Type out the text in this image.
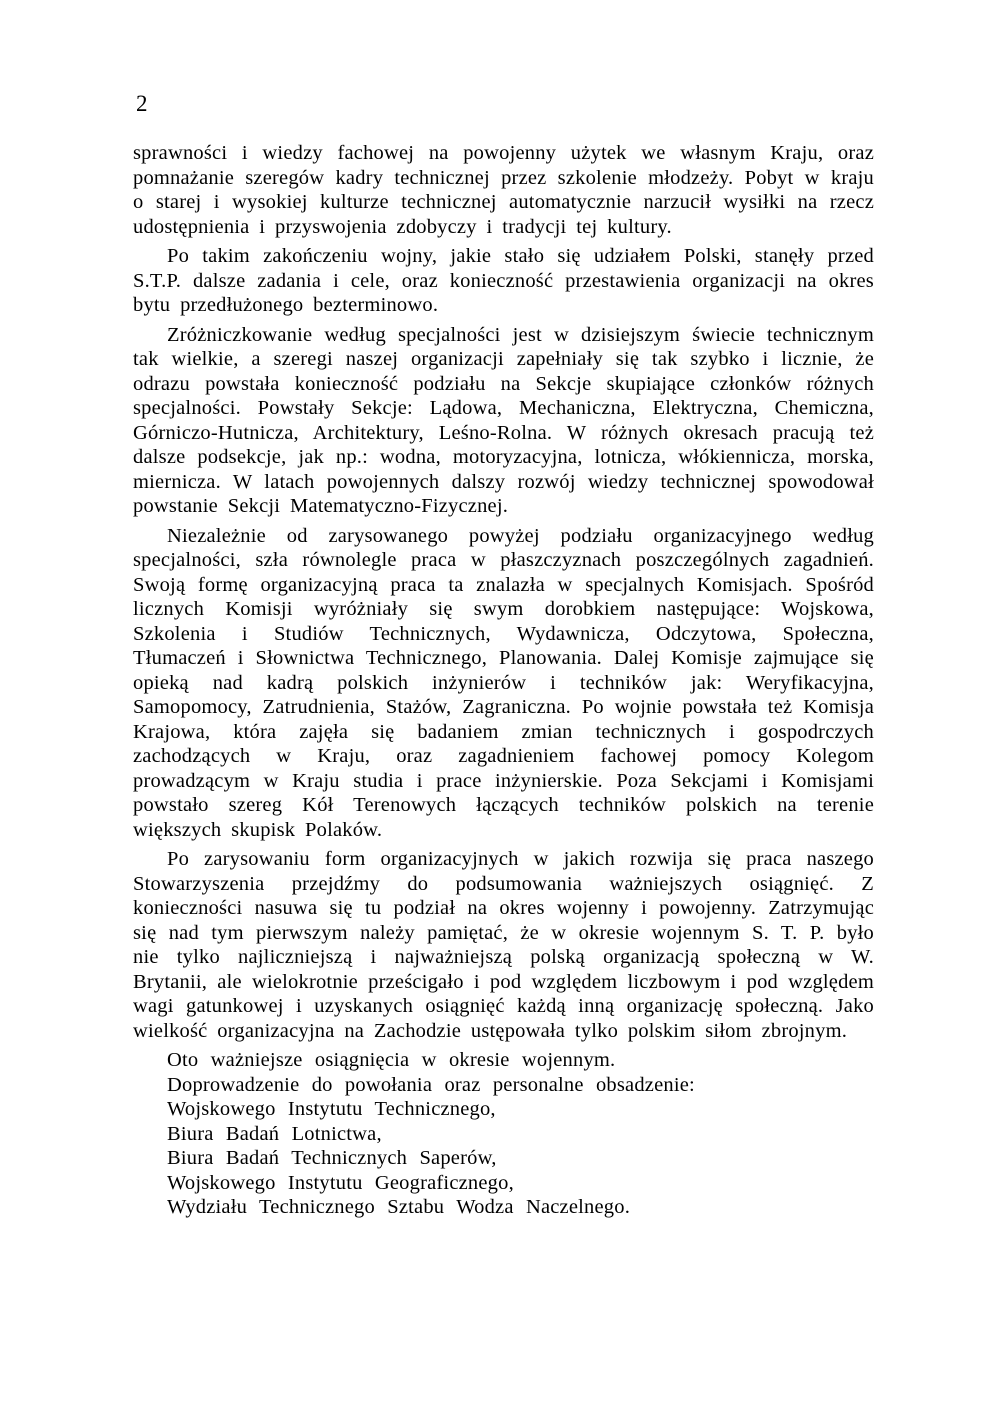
2

sprawności i wiedzy fachowej na powojenny użytek we własnym Kraju, oraz pomnażanie szeregów kadry technicznej przez szkolenie młodzeży. Pobyt w kraju o starej i wysokiej kulturze technicznej automatycznie narzucił wysiłki na rzecz udostępnienia i przyswojenia zdobyczy i tradycji tej kultury.

Po takim zakończeniu wojny, jakie stało się udziałem Polski, stanęły przed S.T.P. dalsze zadania i cele, oraz konieczność przestawienia organizacji na okres bytu przedłużonego bezterminowo.

Zróżniczkowanie według specjalności jest w dzisiejszym świecie technicznym tak wielkie, a szeregi naszej organizacji zapełniały się tak szybko i licznie, że odrazu powstała konieczność podziału na Sekcje skupiające członków różnych specjalności. Powstały Sekcje: Lądowa, Mechaniczna, Elektryczna, Chemiczna, Górniczo-Hutnicza, Architektury, Leśno-Rolna. W różnych okresach pracują też dalsze podsekcje, jak np.: wodna, motoryzacyjna, lotnicza, włókiennicza, morska, miernicza. W latach powojennych dalszy rozwój wiedzy technicznej spowodował powstanie Sekcji Matematyczno-Fizycznej.

Niezależnie od zarysowanego powyżej podziału organizacyjnego według specjalności, szła równolegle praca w płaszczyznach poszczególnych zagadnień. Swoją formę organizacyjną praca ta znalazła w specjalnych Komisjach. Spośród licznych Komisji wyróżniały się swym dorobkiem następujące: Wojskowa, Szkolenia i Studiów Technicznych, Wydawnicza, Odczytowa, Społeczna, Tłumaczeń i Słownictwa Technicznego, Planowania. Dalej Komisje zajmujące się opieką nad kadrą polskich inżynierów i techników jak: Weryfikacyjna, Samopomocy, Zatrudnienia, Stażów, Zagraniczna. Po wojnie powstała też Komisja Krajowa, która zajęła się badaniem zmian technicznych i gospodrczych zachodzących w Kraju, oraz zagadnieniem fachowej pomocy Kolegom prowadzącym w Kraju studia i prace inżynierskie. Poza Sekcjami i Komisjami powstało szereg Kół Terenowych łączących techników polskich na terenie większych skupisk Polaków.

Po zarysowaniu form organizacyjnych w jakich rozwija się praca naszego Stowarzyszenia przejdźmy do podsumowania ważniejszych osiągnięć. Z konieczności nasuwa się tu podział na okres wojenny i powojenny. Zatrzymując się nad tym pierwszym należy pamiętać, że w okresie wojennym S. T. P. było nie tylko najliczniejszą i najważniejszą polską organizacją społeczną w W. Brytanii, ale wielokrotnie prześcigało i pod względem liczbowym i pod względem wagi gatunkowej i uzyskanych osiągnięć każdą inną organizację społeczną. Jako wielkość organizacyjna na Zachodzie ustępowała tylko polskim siłom zbrojnym.

Oto ważniejsze osiągnięcia w okresie wojennym.

Doprowadzenie do powołania oraz personalne obsadzenie:

Wojskowego Instytutu Technicznego,

Biura Badań Lotnictwa,

Biura Badań Technicznych Saperów,

Wojskowego Instytutu Geograficznego,

Wydziału Technicznego Sztabu Wodza Naczelnego.
